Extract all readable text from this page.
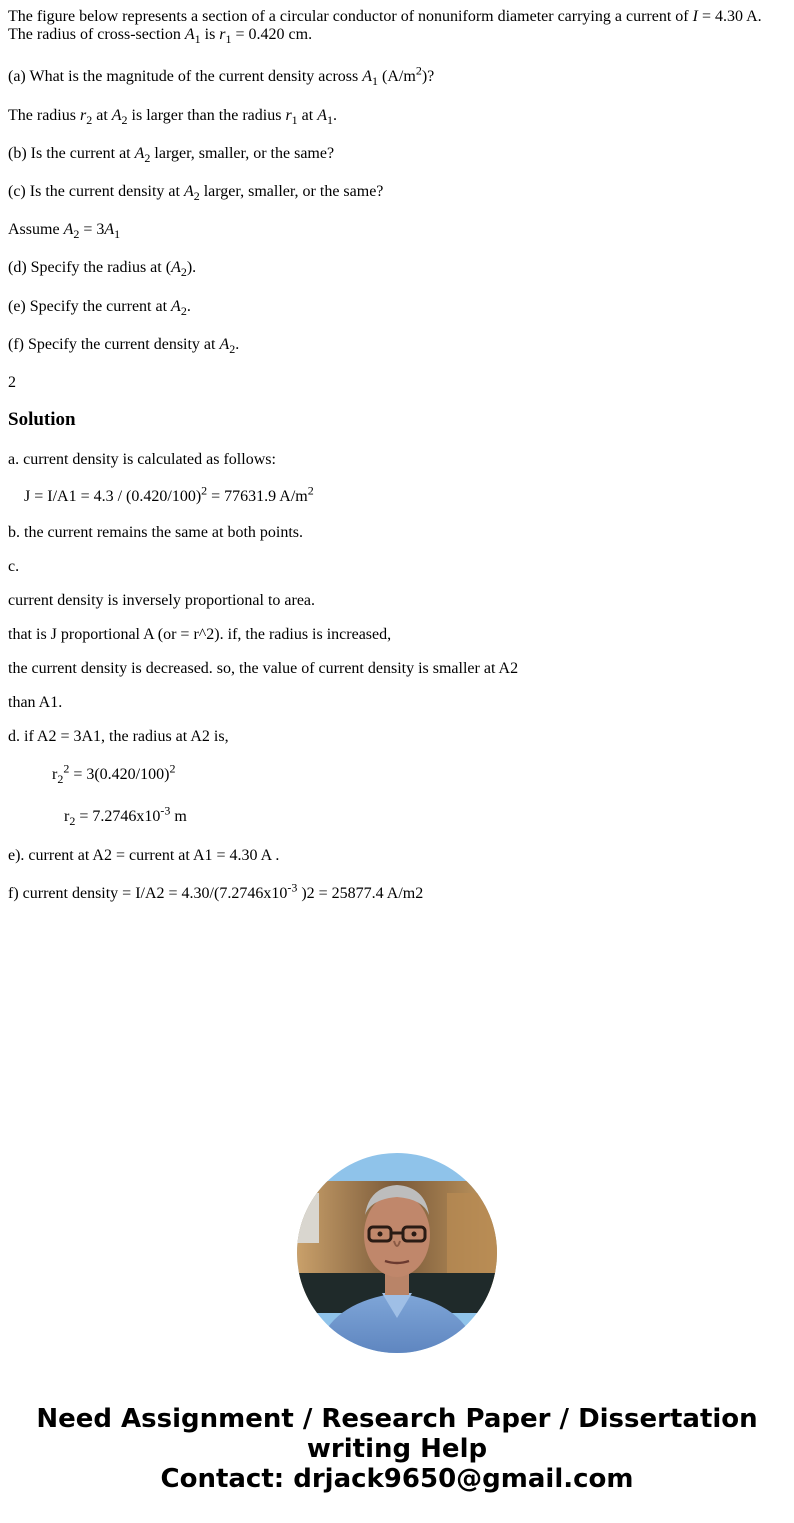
The figure below represents a section of a circular conductor of nonuniform diameter carrying a current of I = 4.30 A.
The radius of cross-section $A_1$ is $r_1 = 0.420$ cm.
(a) What is the magnitude of the current density across $A_1$ $(A/m^2)$?
The radius $r_2$ at $A_2$ is larger than the radius $r_1$ at $A_1$.
(b) Is the current at $A_2$ larger, smaller, or the same?
(c) Is the current density at $A_2$ larger, smaller, or the same?
Assume $A_2 = 3A_1$
(d) Specify the radius at $(A_2)$.
(e) Specify the current at $A_2$.
(f) Specify the current density at $A_2$.
2
Solution
a. current density is calculated as follows:
$J = I/A1 = 4.3 / (0.420/100)^2 = 77631.9$ $A/m^2$
b. the current remains the same at both points.
c.
current density is inversely proportional to area.
that is J proportional A (or = r^2). if, the radius is increased,
the current density is decreased. so, the value of current density is smaller at A2
than A1.
d. if A2 = 3A1, the radius at A2 is,
$r_2^2 = 3(0.420/100)^2$
$r_2 = 7.2746x10^{-3}$ m
e). current at A2 = current at A1 = 4.30 A .
f) current density = $I/A2 = 4.30/(7.2746x10^{-3}$ )2 = 25877.4 A/m2
Need Assignment / Research Paper / Dissertation
writing Help
Contact: drjack9650@gmail.com
